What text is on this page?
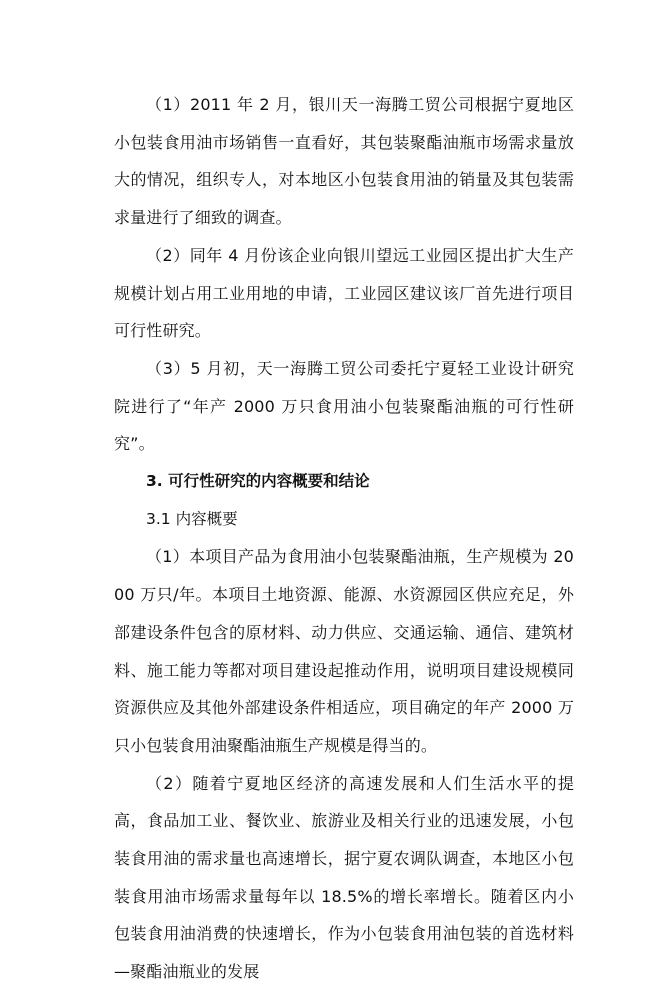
（1）2011 年 2 月，银川天一海腾工贸公司根据宁夏地区小包装食用油市场销售一直看好，其包装聚酯油瓶市场需求量放大的情况，组织专人，对本地区小包装食用油的销量及其包装需求量进行了细致的调查。

（2）同年 4 月份该企业向银川望远工业园区提出扩大生产规模计划占用工业用地的申请，工业园区建议该厂首先进行项目可行性研究。

（3）5 月初，天一海腾工贸公司委托宁夏轻工业设计研究院进行了“年产 2000 万只食用油小包装聚酯油瓶的可行性研究”。

3. 可行性研究的内容概要和结论

3.1 内容概要

（1）本项目产品为食用油小包装聚酯油瓶，生产规模为 2000 万只/年。本项目土地资源、能源、水资源园区供应充足，外部建设条件包含的原材料、动力供应、交通运输、通信、建筑材料、施工能力等都对项目建设起推动作用，说明项目建设规模同资源供应及其他外部建设条件相适应，项目确定的年产 2000 万只小包装食用油聚酯油瓶生产规模是得当的。

（2）随着宁夏地区经济的高速发展和人们生活水平的提高，食品加工业、餐饮业、旅游业及相关行业的迅速发展，小包装食用油的需求量也高速增长，据宁夏农调队调查，本地区小包装食用油市场需求量每年以 18.5%的增长率增长。随着区内小包装食用油消费的快速增长，作为小包装食用油包装的首选材料—聚酯油瓶业的发展
